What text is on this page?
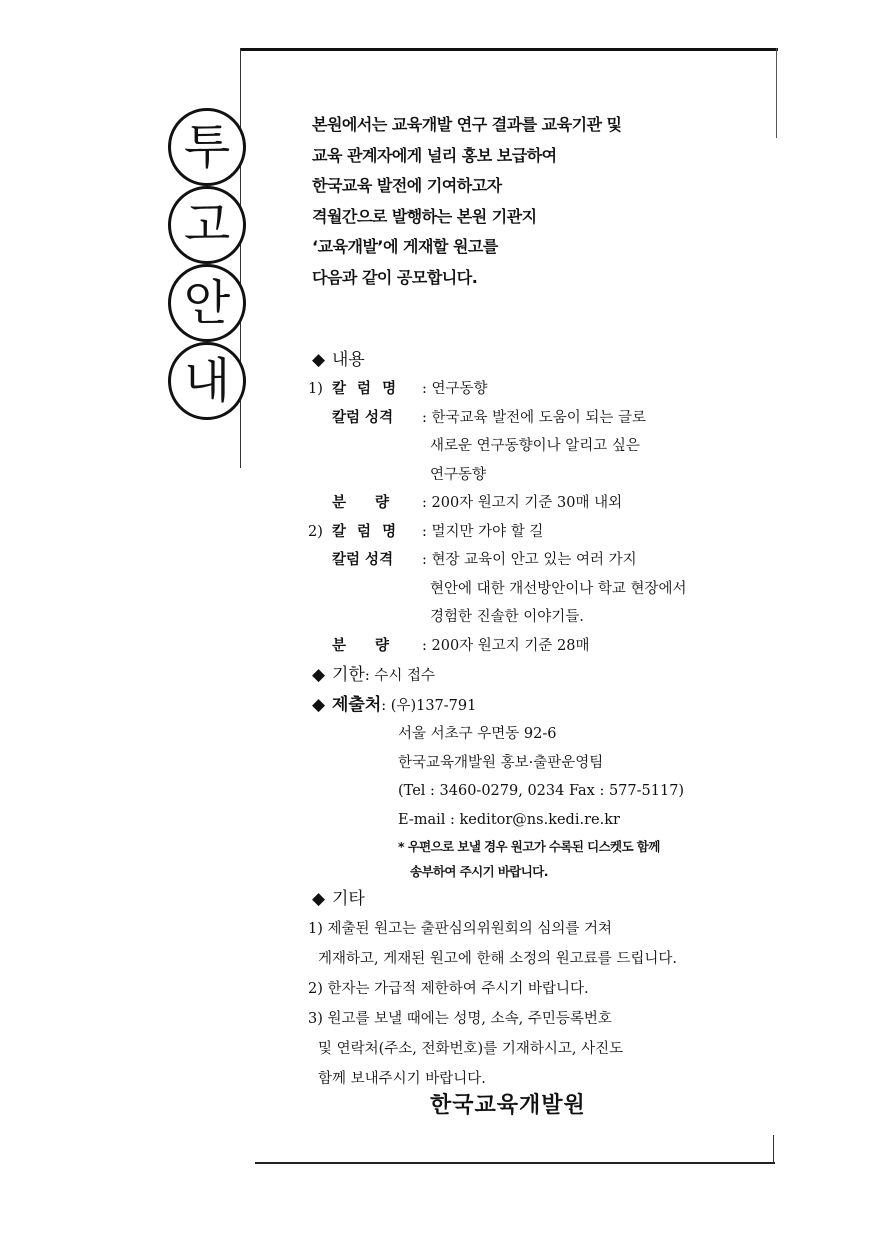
투
고
안
내
본원에서는 교육개발 연구 결과를 교육기관 및
교육 관계자에게 널리 홍보 보급하여
한국교육 발전에 기여하고자
격월간으로 발행하는 본원 기관지
‘교육개발’에 게재할 원고를
다음과 같이 공모합니다.
◆ 내용
1) 칼 럼 명	: 연구동향
칼럼 성격	: 한국교육 발전에 도움이 되는 글로
새로운 연구동향이나 알리고 싶은
연구동향
분 량	: 200자 원고지 기준 30매 내외
2) 칼 럼 명	: 멀지만 가야 할 길
칼럼 성격	: 현장 교육이 안고 있는 여러 가지
현안에 대한 개선방안이나 학교 현장에서
경험한 진솔한 이야기들.
분 량	: 200자 원고지 기준 28매
◆ 기한: 수시 접수
◆ 제출처: (우)137-791
서울 서초구 우면동 92-6
한국교육개발원 홍보·출판운영팀
(Tel : 3460-0279, 0234 Fax : 577-5117)
E-mail : keditor@ns.kedi.re.kr
* 우편으로 보낼 경우 원고가 수록된 디스켓도 함께
송부하여 주시기 바랍니다.
◆ 기타
1) 제출된 원고는 출판심의위원회의 심의를 거쳐
게재하고, 게재된 원고에 한해 소정의 원고료를 드립니다.
2) 한자는 가급적 제한하여 주시기 바랍니다.
3) 원고를 보낼 때에는 성명, 소속, 주민등록번호
및 연락처(주소, 전화번호)를 기재하시고, 사진도
함께 보내주시기 바랍니다.
한국교육개발원
